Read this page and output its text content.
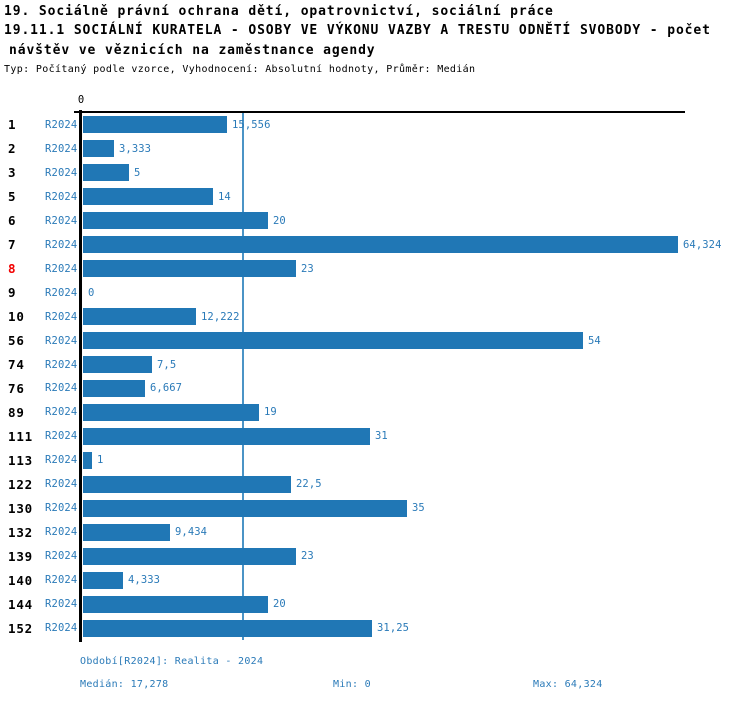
19. Sociálně právní ochrana dětí, opatrovnictví, sociální práce
19.11.1 SOCIÁLNÍ KURATELA - OSOBY VE VÝKONU VAZBY A TRESTU ODNĚTÍ SVOBODY - počet
návštěv ve věznicích na zaměstnance agendy
Typ: Počítaný podle vzorce, Vyhodnocení: Absolutní hodnoty, Průměr: Medián
0
1	R2024	15,556
2	R2024	3,333
3	R2024	5
5	R2024	14
6	R2024	20
7	R2024	64,324
8	R2024	23
9	R2024 0
10 R2024	12,222
56 R2024	54
74 R2024	7,5
76 R2024	6,667
89 R2024	19
111 R2024	31
113 R2024 1
122 R2024	22,5
130 R2024	35
132 R2024	9,434
139 R2024	23
140 R2024	4,333
144 R2024	20
152 R2024	31,25
Období[R2024]: Realita - 2024
Medián: 17,278	Min: 0	Max: 64,324
